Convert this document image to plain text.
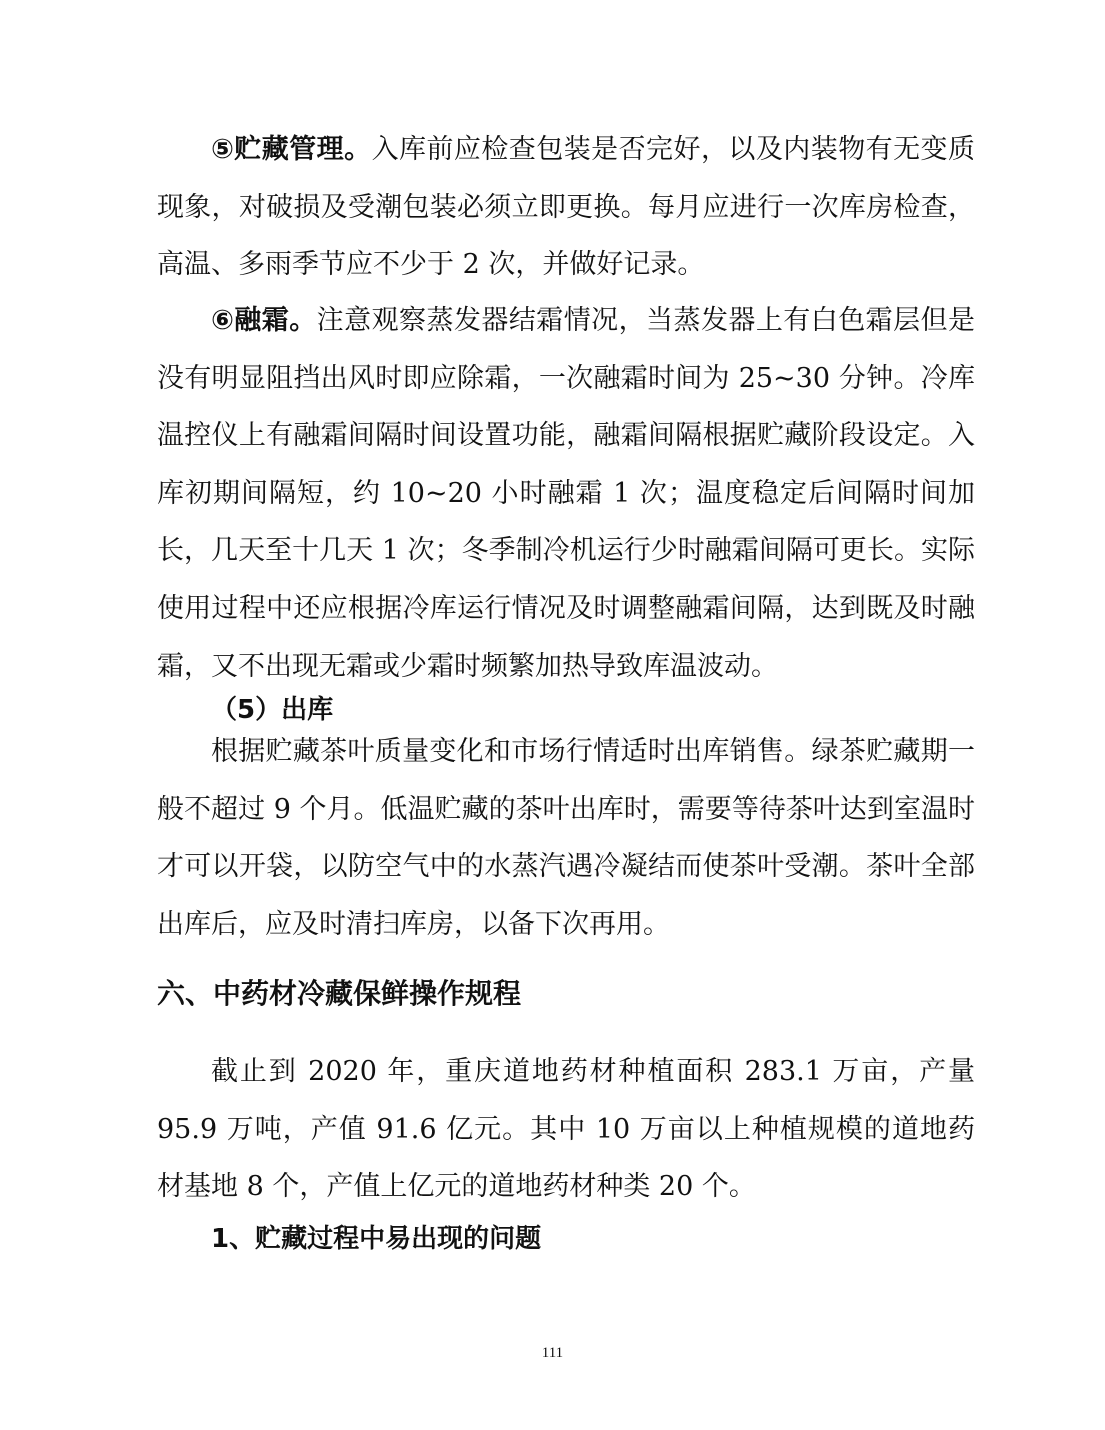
⑤贮藏管理。入库前应检查包装是否完好，以及内装物有无变质现象，对破损及受潮包装必须立即更换。每月应进行一次库房检查，高温、多雨季节应不少于 2 次，并做好记录。

⑥融霜。注意观察蒸发器结霜情况，当蒸发器上有白色霜层但是没有明显阻挡出风时即应除霜，一次融霜时间为 25~30 分钟。冷库温控仪上有融霜间隔时间设置功能，融霜间隔根据贮藏阶段设定。入库初期间隔短，约 10~20 小时融霜 1 次；温度稳定后间隔时间加长，几天至十几天 1 次；冬季制冷机运行少时融霜间隔可更长。实际使用过程中还应根据冷库运行情况及时调整融霜间隔，达到既及时融霜，又不出现无霜或少霜时频繁加热导致库温波动。

（5）出库

根据贮藏茶叶质量变化和市场行情适时出库销售。绿茶贮藏期一般不超过 9 个月。低温贮藏的茶叶出库时，需要等待茶叶达到室温时才可以开袋，以防空气中的水蒸汽遇冷凝结而使茶叶受潮。茶叶全部出库后，应及时清扫库房，以备下次再用。

六、中药材冷藏保鲜操作规程

截止到 2020 年，重庆道地药材种植面积 283.1 万亩，产量 95.9 万吨，产值 91.6 亿元。其中 10 万亩以上种植规模的道地药材基地 8 个，产值上亿元的道地药材种类 20 个。

1、贮藏过程中易出现的问题

111
